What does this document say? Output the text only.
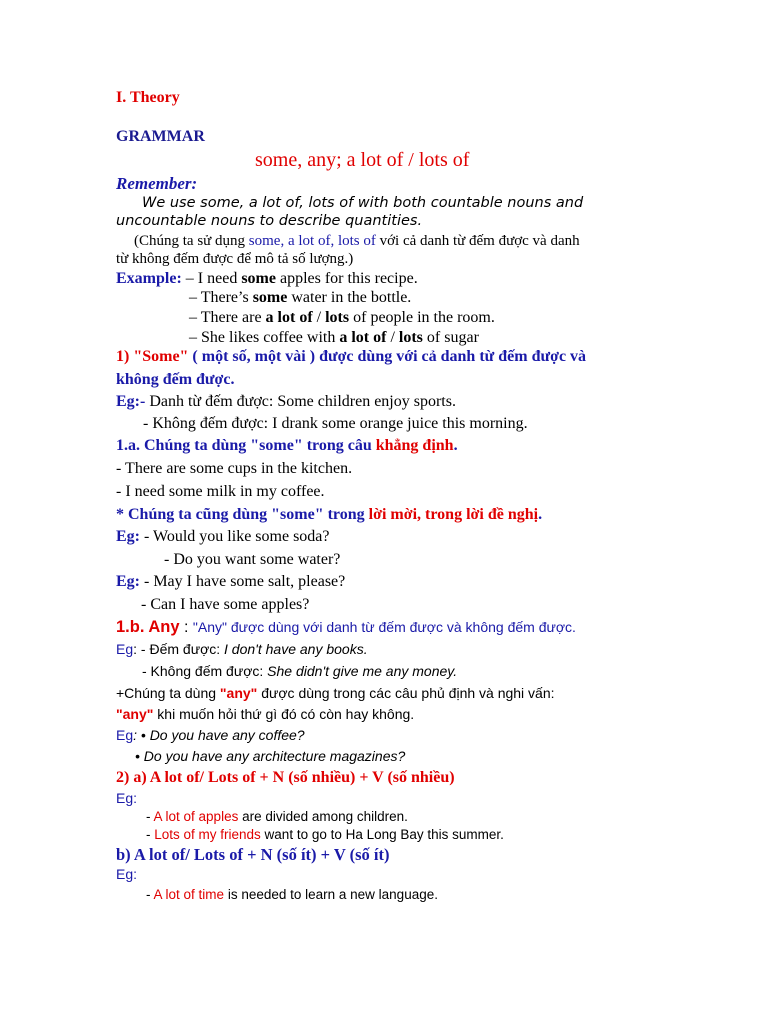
I. Theory
GRAMMAR
some, any; a lot of / lots of
Remember:
We use some, a lot of, lots of with both countable nouns and
uncountable nouns to describe quantities.
(Chúng ta sử dụng some, a lot of, lots of với cả danh từ đếm được và danh
từ không đếm được để mô tả số lượng.)
Example: – I need some apples for this recipe.
– There’s some water in the bottle.
– There are a lot of / lots of people in the room.
– She likes coffee with a lot of / lots of sugar
1) "Some" ( một số, một vài ) được dùng với cả danh từ đếm được và
không đếm được.
Eg:- Danh từ đếm được: Some children enjoy sports.
- Không đếm được: I drank some orange juice this morning.
1.a. Chúng ta dùng "some" trong câu khẳng định.
- There are some cups in the kitchen.
- I need some milk in my coffee.
* Chúng ta cũng dùng "some" trong lời mời, trong lời đề nghị.
Eg: - Would you like some soda?
- Do you want some water?
Eg: - May I have some salt, please?
- Can I have some apples?
1.b. Any : "Any" được dùng với danh từ đếm được và không đếm được.
Eg: - Đếm được: I don't have any books.
- Không đếm được: She didn't give me any money.
+Chúng ta dùng "any" được dùng trong các câu phủ định và nghi vấn:
"any" khi muốn hỏi thứ gì đó có còn hay không.
Eg: • Do you have any coffee?
• Do you have any architecture magazines?
2) a) A lot of/ Lots of + N (số nhiều) + V (số nhiều)
Eg:
- A lot of apples are divided among children.
- Lots of my friends want to go to Ha Long Bay this summer.
b) A lot of/ Lots of + N (số ít) + V (số ít)
Eg:
- A lot of time is needed to learn a new language.
